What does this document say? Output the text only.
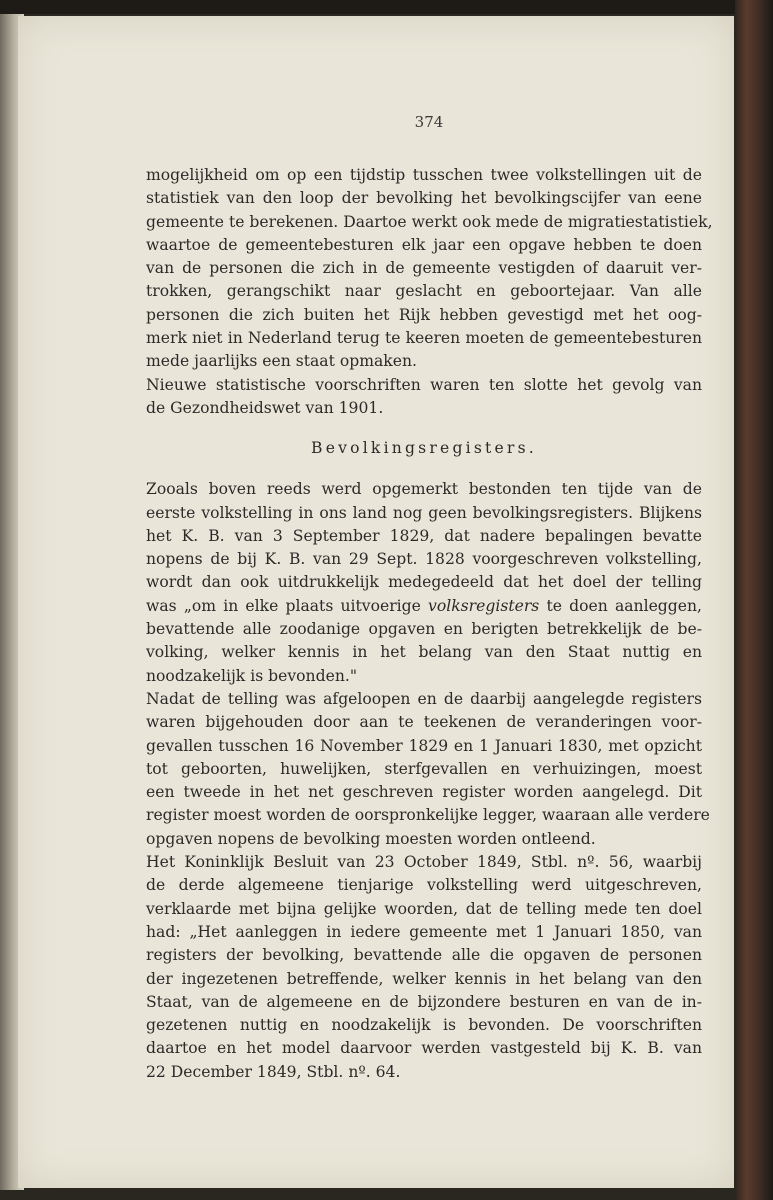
374
mogelijkheid om op een tijdstip tusschen twee volkstellingen uit de
statistiek van den loop der bevolking het bevolkingscijfer van eene
gemeente te berekenen. Daartoe werkt ook mede de migratiestatistiek,
waartoe de gemeentebesturen elk jaar een opgave hebben te doen
van de personen die zich in de gemeente vestigden of daaruit ver-
trokken, gerangschikt naar geslacht en geboortejaar. Van alle
personen die zich buiten het Rijk hebben gevestigd met het oog-
merk niet in Nederland terug te keeren moeten de gemeentebesturen
mede jaarlijks een staat opmaken.
Nieuwe statistische voorschriften waren ten slotte het gevolg van
de Gezondheidswet van 1901.
Bevolkingsregisters.
Zooals boven reeds werd opgemerkt bestonden ten tijde van de
eerste volkstelling in ons land nog geen bevolkingsregisters. Blijkens
het K. B. van 3 September 1829, dat nadere bepalingen bevatte
nopens de bij K. B. van 29 Sept. 1828 voorgeschreven volkstelling,
wordt dan ook uitdrukkelijk medegedeeld dat het doel der telling
was „om in elke plaats uitvoerige volksregisters te doen aanleggen,
bevattende alle zoodanige opgaven en berigten betrekkelijk de be-
volking, welker kennis in het belang van den Staat nuttig en
noodzakelijk is bevonden."
Nadat de telling was afgeloopen en de daarbij aangelegde registers
waren bijgehouden door aan te teekenen de veranderingen voor-
gevallen tusschen 16 November 1829 en 1 Januari 1830, met opzicht
tot geboorten, huwelijken, sterfgevallen en verhuizingen, moest
een tweede in het net geschreven register worden aangelegd. Dit
register moest worden de oorspronkelijke legger, waaraan alle verdere
opgaven nopens de bevolking moesten worden ontleend.
Het Koninklijk Besluit van 23 October 1849, Stbl. nº. 56, waarbij
de derde algemeene tienjarige volkstelling werd uitgeschreven,
verklaarde met bijna gelijke woorden, dat de telling mede ten doel
had: „Het aanleggen in iedere gemeente met 1 Januari 1850, van
registers der bevolking, bevattende alle die opgaven de personen
der ingezetenen betreffende, welker kennis in het belang van den
Staat, van de algemeene en de bijzondere besturen en van de in-
gezetenen nuttig en noodzakelijk is bevonden. De voorschriften
daartoe en het model daarvoor werden vastgesteld bij K. B. van
22 December 1849, Stbl. nº. 64.
